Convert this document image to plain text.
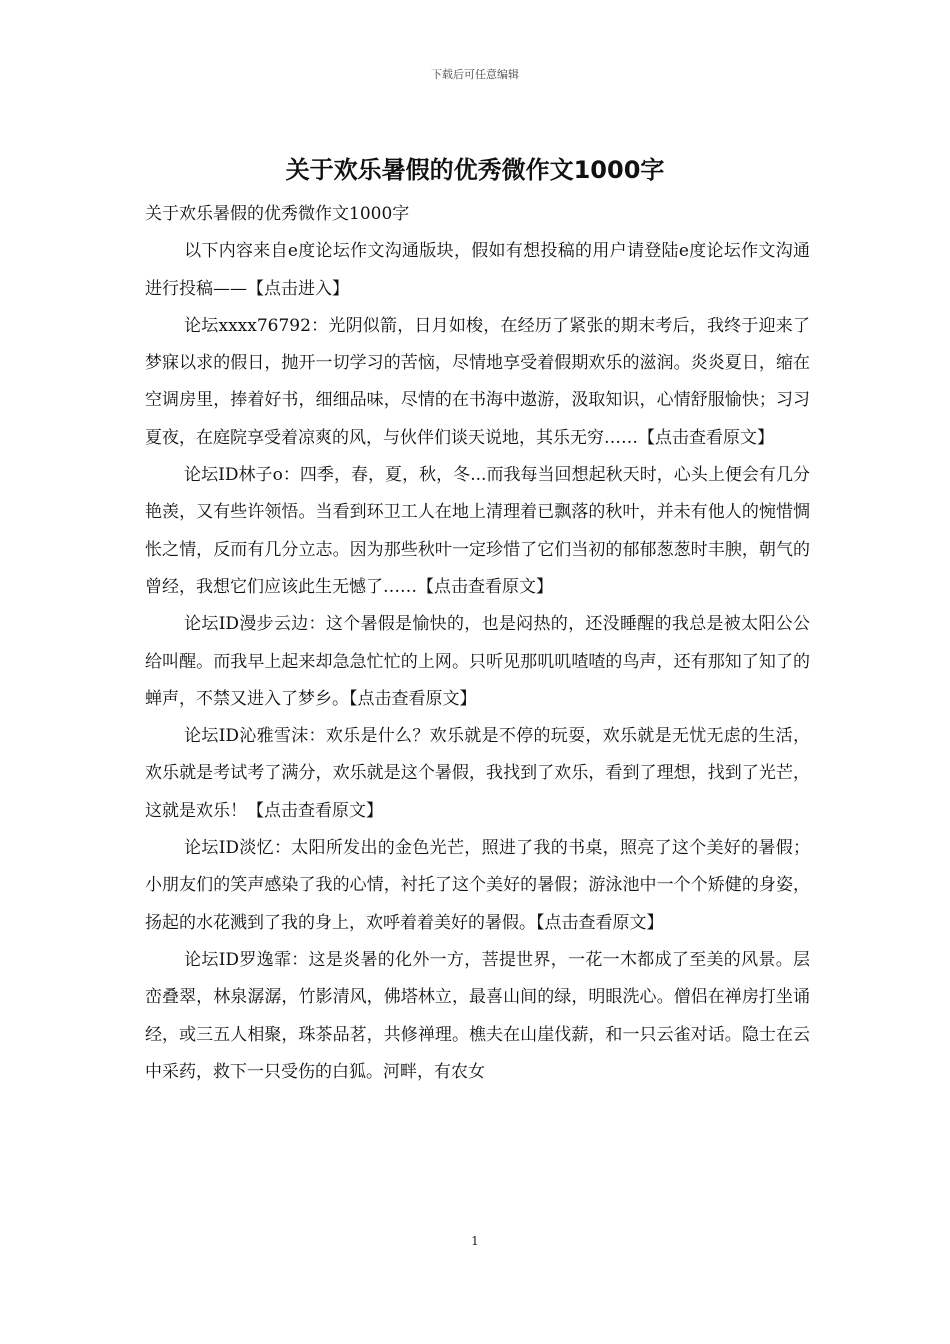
下载后可任意编辑
关于欢乐暑假的优秀微作文1000字

关于欢乐暑假的优秀微作文1000字

以下内容来自e度论坛作文沟通版块，假如有想投稿的用户请登陆e度论坛作文沟通进行投稿——【点击进入】

论坛xxxx76792：光阴似箭，日月如梭，在经历了紧张的期末考后，我终于迎来了梦寐以求的假日，抛开一切学习的苦恼，尽情地享受着假期欢乐的滋润。炎炎夏日，缩在空调房里，捧着好书，细细品味，尽情的在书海中遨游，汲取知识，心情舒服愉快；习习夏夜，在庭院享受着凉爽的风，与伙伴们谈天说地，其乐无穷……【点击查看原文】

论坛ID林子o：四季，春，夏，秋，冬...而我每当回想起秋天时，心头上便会有几分艳羡，又有些许领悟。当看到环卫工人在地上清理着已飘落的秋叶，并未有他人的惋惜惆怅之情，反而有几分立志。因为那些秋叶一定珍惜了它们当初的郁郁葱葱时丰腴，朝气的曾经，我想它们应该此生无憾了……【点击查看原文】

论坛ID漫步云边：这个暑假是愉快的，也是闷热的，还没睡醒的我总是被太阳公公给叫醒。而我早上起来却急急忙忙的上网。只听见那叽叽喳喳的鸟声，还有那知了知了的蝉声，不禁又进入了梦乡。【点击查看原文】

论坛ID沁雅雪沫：欢乐是什么？欢乐就是不停的玩耍，欢乐就是无忧无虑的生活，欢乐就是考试考了满分，欢乐就是这个暑假，我找到了欢乐，看到了理想，找到了光芒，这就是欢乐！【点击查看原文】

论坛ID淡忆：太阳所发出的金色光芒，照进了我的书桌，照亮了这个美好的暑假；小朋友们的笑声感染了我的心情，衬托了这个美好的暑假；游泳池中一个个矫健的身姿，扬起的水花溅到了我的身上，欢呼着着美好的暑假。【点击查看原文】

论坛ID罗逸霏：这是炎暑的化外一方，菩提世界，一花一木都成了至美的风景。层峦叠翠，林泉潺潺，竹影清风，佛塔林立，最喜山间的绿，明眼洗心。僧侣在禅房打坐诵经，或三五人相聚，珠茶品茗，共修禅理。樵夫在山崖伐薪，和一只云雀对话。隐士在云中采药，救下一只受伤的白狐。河畔，有农女

1
